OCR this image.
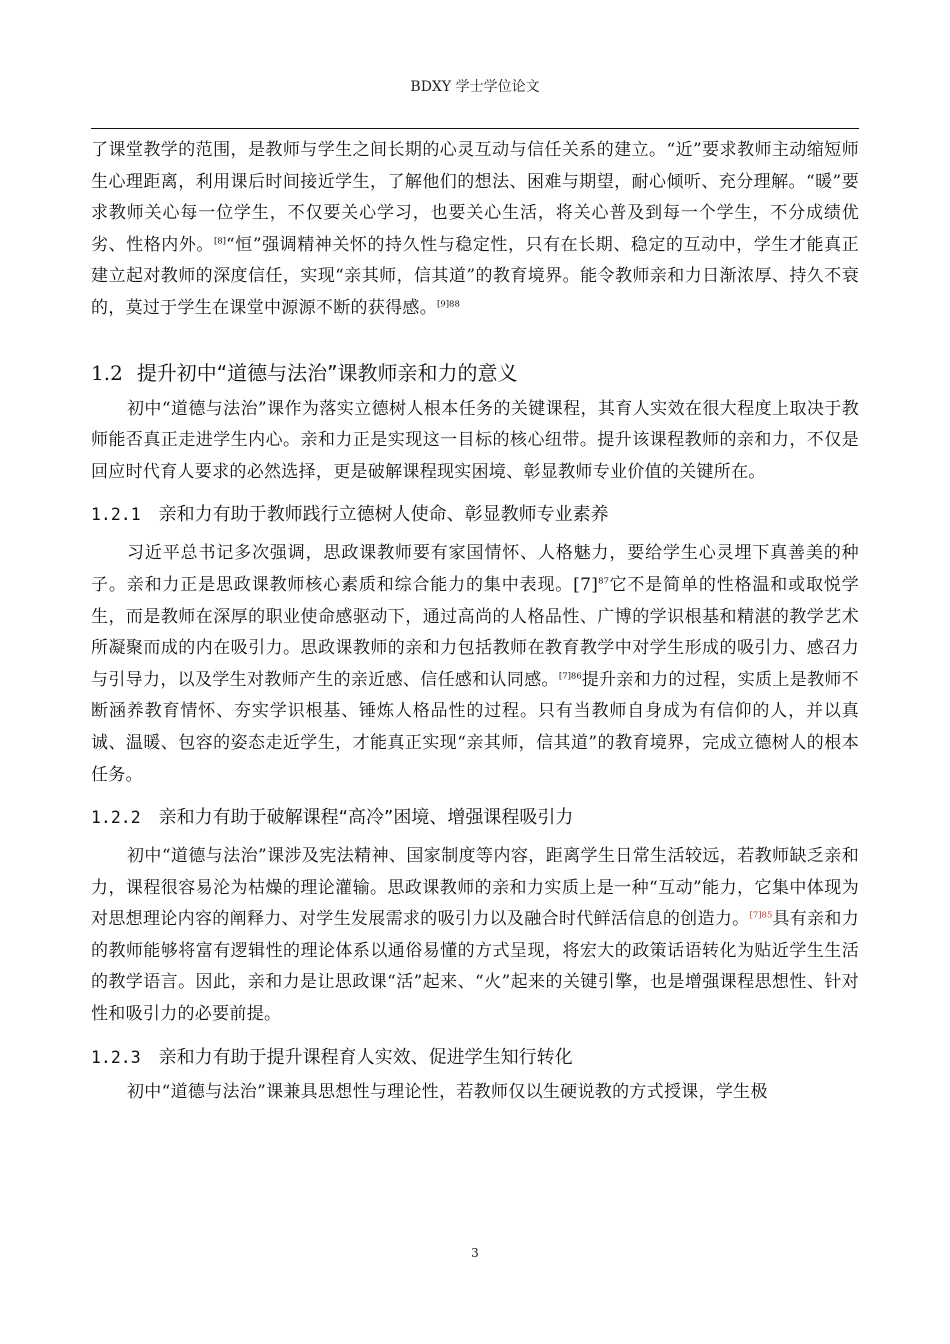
BDXY 学士学位论文

了课堂教学的范围，是教师与学生之间长期的心灵互动与信任关系的建立。“近”要求教师主动缩短师生心理距离，利用课后时间接近学生，了解他们的想法、困难与期望，耐心倾听、充分理解。“暖”要求教师关心每一位学生，不仅要关心学习，也要关心生活，将关心普及到每一个学生，不分成绩优劣、性格内外。[8]“恒”强调精神关怀的持久性与稳定性，只有在长期、稳定的互动中，学生才能真正建立起对教师的深度信任，实现“亲其师，信其道”的教育境界。能令教师亲和力日渐浓厚、持久不衰的，莫过于学生在课堂中源源不断的获得感。$^{[9]88}$

1.2 提升初中“道德与法治”课教师亲和力的意义

初中“道德与法治”课作为落实立德树人根本任务的关键课程，其育人实效在很大程度上取决于教师能否真正走进学生内心。亲和力正是实现这一目标的核心纽带。提升该课程教师的亲和力，不仅是回应时代育人要求的必然选择，更是破解课程现实困境、彰显教师专业价值的关键所在。

1.2.1 亲和力有助于教师践行立德树人使命、彰显教师专业素养

习近平总书记多次强调，思政课教师要有家国情怀、人格魅力，要给学生心灵埋下真善美的种子。亲和力正是思政课教师核心素质和综合能力的集中表现。[7]$^{87}$它不是简单的性格温和或取悦学生，而是教师在深厚的职业使命感驱动下，通过高尚的人格品性、广博的学识根基和精湛的教学艺术所凝聚而成的内在吸引力。思政课教师的亲和力包括教师在教育教学中对学生形成的吸引力、感召力与引导力，以及学生对教师产生的亲近感、信任感和认同感。$^{[7]86}$提升亲和力的过程，实质上是教师不断涵养教育情怀、夯实学识根基、锤炼人格品性的过程。只有当教师自身成为有信仰的人，并以真诚、温暖、包容的姿态走近学生，才能真正实现“亲其师，信其道”的教育境界，完成立德树人的根本任务。

1.2.2 亲和力有助于破解课程“高冷”困境、增强课程吸引力

初中“道德与法治”课涉及宪法精神、国家制度等内容，距离学生日常生活较远，若教师缺乏亲和力，课程很容易沦为枯燥的理论灌输。思政课教师的亲和力实质上是一种“互动”能力，它集中体现为对思想理论内容的阐释力、对学生发展需求的吸引力以及融合时代鲜活信息的创造力。$^{[7]85}$具有亲和力的教师能够将富有逻辑性的理论体系以通俗易懂的方式呈现，将宏大的政策话语转化为贴近学生生活的教学语言。因此，亲和力是让思政课“活”起来、“火”起来的关键引擎，也是增强课程思想性、针对性和吸引力的必要前提。

1.2.3 亲和力有助于提升课程育人实效、促进学生知行转化

初中“道德与法治”课兼具思想性与理论性，若教师仅以生硬说教的方式授课，学生极

3
